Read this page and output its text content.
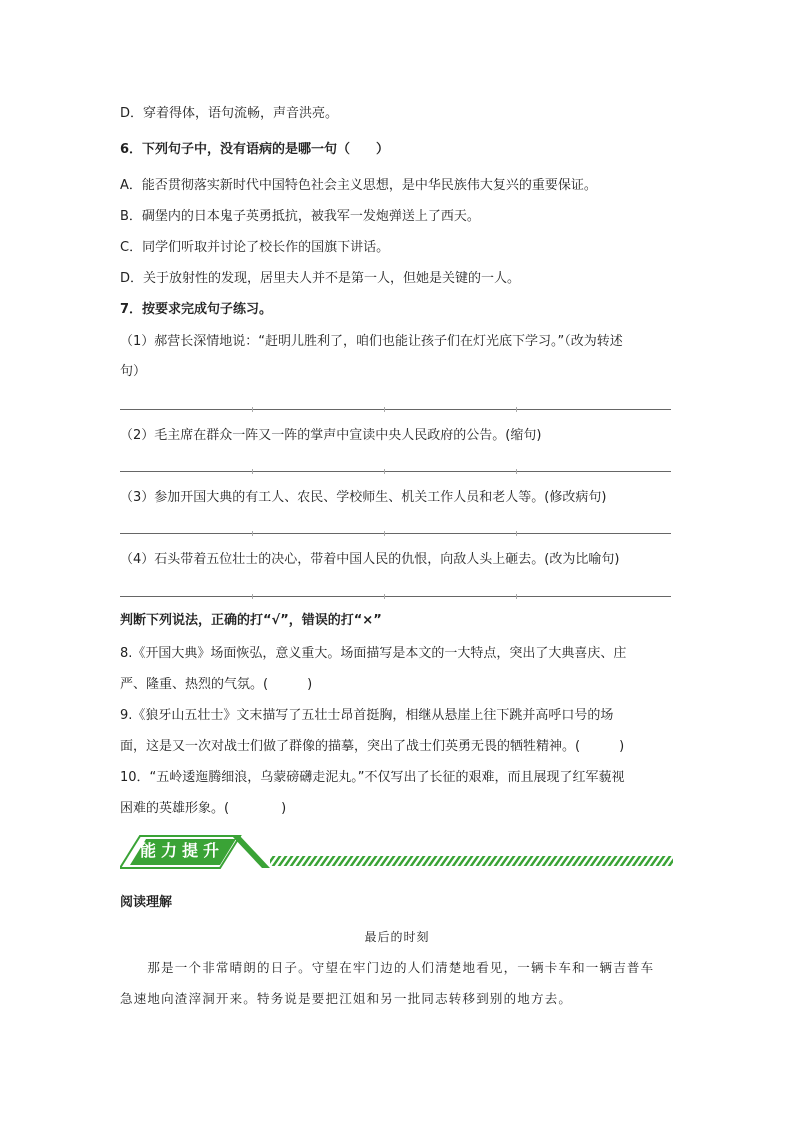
D．穿着得体，语句流畅，声音洪亮。
6．下列句子中，没有语病的是哪一句（　　）
A．能否贯彻落实新时代中国特色社会主义思想，是中华民族伟大复兴的重要保证。
B．碉堡内的日本鬼子英勇抵抗，被我军一发炮弹送上了西天。
C．同学们听取并讨论了校长作的国旗下讲话。
D．关于放射性的发现，居里夫人并不是第一人，但她是关键的一人。
7．按要求完成句子练习。
（1）郝营长深情地说：“赶明儿胜利了，咱们也能让孩子们在灯光底下学习。”（改为转述
句）
（2）毛主席在群众一阵又一阵的掌声中宣读中央人民政府的公告。(缩句)
（3）参加开国大典的有工人、农民、学校师生、机关工作人员和老人等。(修改病句)
（4）石头带着五位壮士的决心，带着中国人民的仇恨，向敌人头上砸去。(改为比喻句)
判断下列说法，正确的打“√”，错误的打“×”
8.《开国大典》场面恢弘，意义重大。场面描写是本文的一大特点，突出了大典喜庆、庄
严、隆重、热烈的气氛。(　　　)
9.《狼牙山五壮士》文末描写了五壮士昂首挺胸，相继从悬崖上往下跳并高呼口号的场
面，这是又一次对战士们做了群像的描摹，突出了战士们英勇无畏的牺牲精神。(　　　)
10．“五岭逶迤腾细浪，乌蒙磅礴走泥丸。”不仅写出了长征的艰难，而且展现了红军藐视
困难的英雄形象。(　　　　)
能力提升
阅读理解
最后的时刻
　　那是一个非常晴朗的日子。守望在牢门边的人们清楚地看见，一辆卡车和一辆吉普车
急速地向渣滓洞开来。特务说是要把江姐和另一批同志转移到别的地方去。
